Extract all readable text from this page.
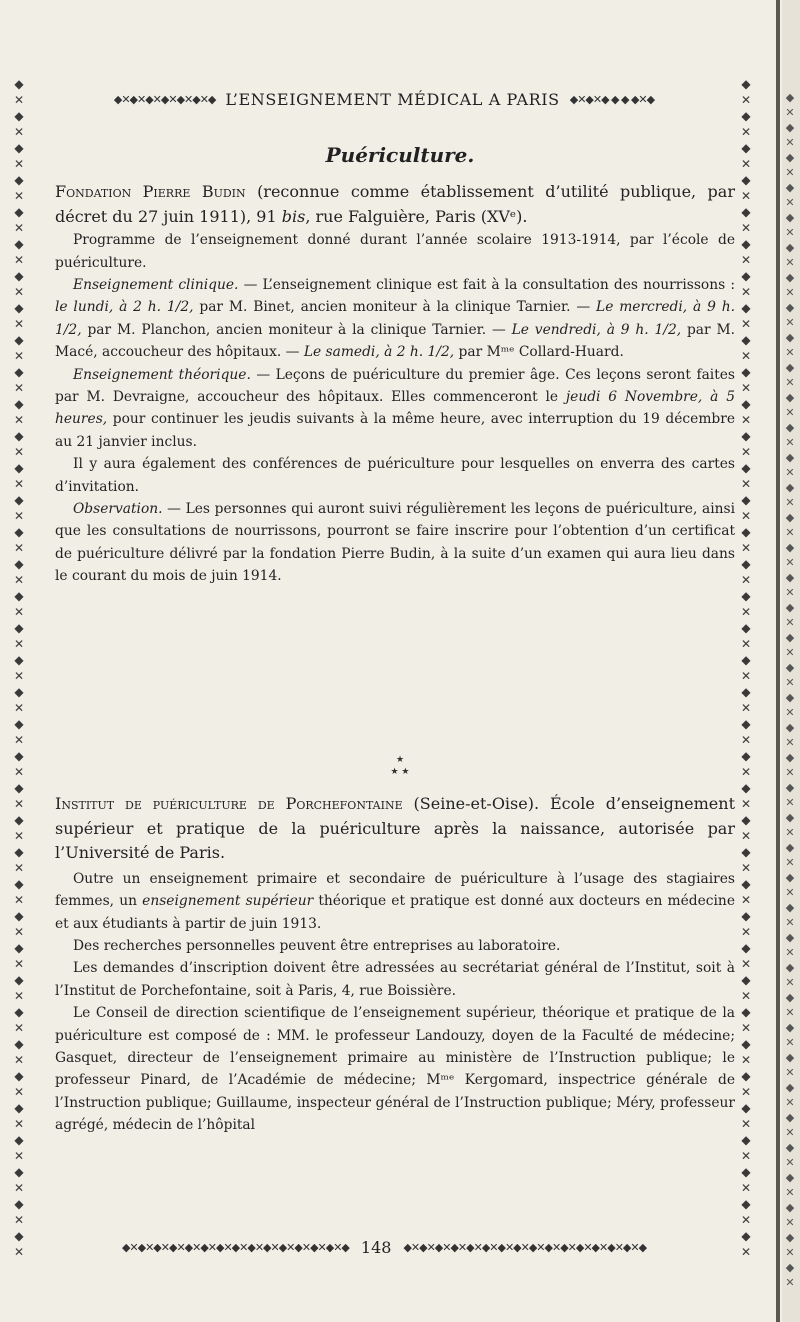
◆
✕
◆
✕
◆
✕
◆
✕
◆
✕
◆
✕
◆
✕
◆
✕
◆
✕
◆
✕
◆
✕
◆
✕
◆
✕
◆
✕
◆
✕
◆
✕
◆
✕
◆
✕
◆
✕
◆
✕
◆
✕
◆
✕
◆
✕
◆
✕
◆
✕
◆
✕
◆
✕
◆
✕
◆
✕
◆
✕
◆
✕
◆
✕
◆
✕
◆
✕
◆
✕
◆
✕
◆
✕

◆
✕
◆
✕
◆
✕
◆
✕
◆
✕
◆
✕
◆
✕
◆
✕
◆
✕
◆
✕
◆
✕
◆
✕
◆
✕
◆
✕
◆
✕
◆
✕
◆
✕
◆
✕
◆
✕
◆
✕
◆
✕
◆
✕
◆
✕
◆
✕
◆
✕
◆
✕
◆
✕
◆
✕
◆
✕
◆
✕
◆
✕
◆
✕
◆
✕
◆
✕
◆
✕
◆
✕
◆
✕

◆
✕
◆
✕
◆
✕
◆
✕
◆
✕
◆
✕
◆
✕
◆
✕
◆
✕
◆
✕
◆
✕
◆
✕
◆
✕
◆
✕
◆
✕
◆
✕
◆
✕
◆
✕
◆
✕
◆
✕
◆
✕
◆
✕
◆
✕
◆
✕
◆
✕
◆
✕
◆
✕
◆
✕
◆
✕
◆
✕
◆
✕
◆
✕
◆
✕
◆
✕
◆
✕
◆
✕
◆
✕
◆
✕
◆
✕
◆
✕

◆✕◆✕◆✕◆✕◆✕◆✕◆ L’ENSEIGNEMENT MÉDICAL A PARIS ◆✕◆✕◆ ◆ ◆ ◆✕◆
Puériculture.

Fondation Pierre Budin (reconnue comme établissement d’utilité publique, par décret du 27 juin 1911), 91 bis, rue Falguière, Paris (XVᵉ).

Programme de l’enseignement donné durant l’année scolaire 1913-1914, par l’école de puériculture.

Enseignement clinique. — L’enseignement clinique est fait à la consultation des nourrissons : le lundi, à 2 h. 1/2, par M. Binet, ancien moniteur à la clinique Tarnier. — Le mercredi, à 9 h. 1/2, par M. Planchon, ancien moniteur à la clinique Tarnier. — Le vendredi, à 9 h. 1/2, par M. Macé, accoucheur des hôpitaux. — Le samedi, à 2 h. 1/2, par Mᵐᵉ Collard-Huard.

Enseignement théorique. — Leçons de puériculture du premier âge. Ces leçons seront faites par M. Devraigne, accoucheur des hôpitaux. Elles commenceront le jeudi 6 Novembre, à 5 heures, pour continuer les jeudis suivants à la même heure, avec interruption du 19 décembre au 21 janvier inclus.

Il y aura également des conférences de puériculture pour lesquelles on enverra des cartes d’invitation.

Observation. — Les personnes qui auront suivi régulièrement les leçons de puériculture, ainsi que les consultations de nourrissons, pourront se faire inscrire pour l’obtention d’un certificat de puériculture délivré par la fondation Pierre Budin, à la suite d’un examen qui aura lieu dans le courant du mois de juin 1914.

★
★ ★

Institut de puériculture de Porchefontaine (Seine-et-Oise). École d’enseignement supérieur et pratique de la puériculture après la naissance, autorisée par l’Université de Paris.

Outre un enseignement primaire et secondaire de puériculture à l’usage des stagiaires femmes, un enseignement supérieur théorique et pratique est donné aux docteurs en médecine et aux étudiants à partir de juin 1913.

Des recherches personnelles peuvent être entreprises au laboratoire.

Les demandes d’inscription doivent être adressées au secrétariat général de l’Institut, soit à l’Institut de Porchefontaine, soit à Paris, 4, rue Boissière.

Le Conseil de direction scientifique de l’enseignement supérieur, théorique et pratique de la puériculture est composé de : MM. le professeur Landouzy, doyen de la Faculté de médecine; Gasquet, directeur de l’enseignement primaire au ministère de l’Instruction publique; le professeur Pinard, de l’Académie de médecine; Mᵐᵉ Kergomard, inspectrice générale de l’Instruction publique; Guillaume, inspecteur général de l’Instruction publique; Méry, professeur agrégé, médecin de l’hôpital

◆✕◆✕◆✕◆✕◆✕◆✕◆✕◆✕◆✕◆✕◆✕◆✕◆✕◆✕◆ 148 ◆✕◆✕◆✕◆✕◆✕◆✕◆✕◆✕◆✕◆✕◆✕◆✕◆✕◆✕◆✕◆
